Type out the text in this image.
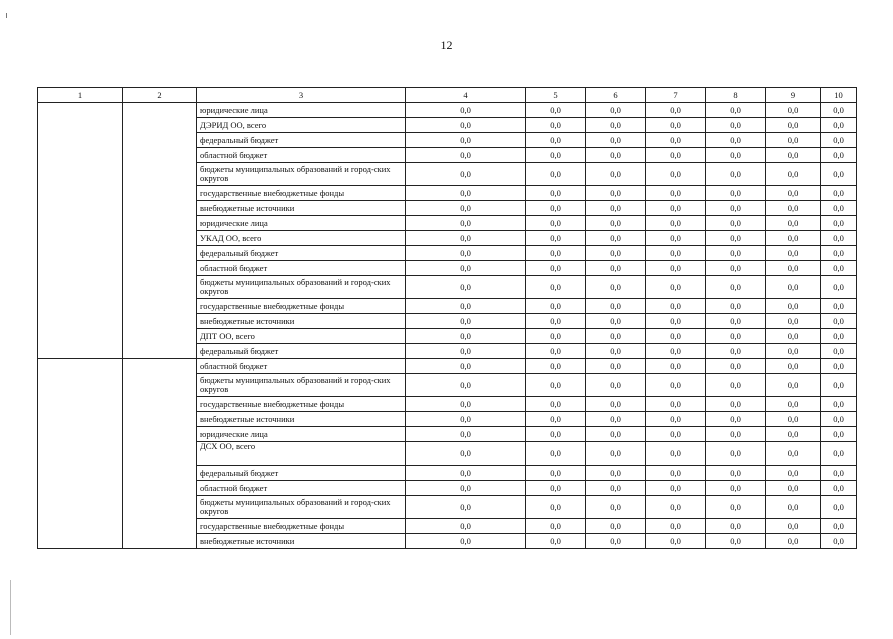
12
1	2	3	4	5	6	7	8	9	10
		юридические лица	0,0	0,0	0,0	0,0	0,0	0,0	0,0
		ДЭРИД ОО, всего	0,0	0,0	0,0	0,0	0,0	0,0	0,0
		федеральный бюджет	0,0	0,0	0,0	0,0	0,0	0,0	0,0
		областной бюджет	0,0	0,0	0,0	0,0	0,0	0,0	0,0
		бюджеты муниципальных образований и город-ских округов	0,0	0,0	0,0	0,0	0,0	0,0	0,0
		государственные внебюджетные фонды	0,0	0,0	0,0	0,0	0,0	0,0	0,0
		внебюджетные источники	0,0	0,0	0,0	0,0	0,0	0,0	0,0
		юридические лица	0,0	0,0	0,0	0,0	0,0	0,0	0,0
		УКАД ОО, всего	0,0	0,0	0,0	0,0	0,0	0,0	0,0
		федеральный бюджет	0,0	0,0	0,0	0,0	0,0	0,0	0,0
		областной бюджет	0,0	0,0	0,0	0,0	0,0	0,0	0,0
		бюджеты муниципальных образований и город-ских округов	0,0	0,0	0,0	0,0	0,0	0,0	0,0
		государственные внебюджетные фонды	0,0	0,0	0,0	0,0	0,0	0,0	0,0
		внебюджетные источники	0,0	0,0	0,0	0,0	0,0	0,0	0,0
		ДПТ ОО, всего	0,0	0,0	0,0	0,0	0,0	0,0	0,0
		федеральный бюджет	0,0	0,0	0,0	0,0	0,0	0,0	0,0
		областной бюджет	0,0	0,0	0,0	0,0	0,0	0,0	0,0
		бюджеты муниципальных образований и город-ских округов	0,0	0,0	0,0	0,0	0,0	0,0	0,0
		государственные внебюджетные фонды	0,0	0,0	0,0	0,0	0,0	0,0	0,0
		внебюджетные источники	0,0	0,0	0,0	0,0	0,0	0,0	0,0
		юридические лица	0,0	0,0	0,0	0,0	0,0	0,0	0,0
		ДСХ ОО, всего	0,0	0,0	0,0	0,0	0,0	0,0	0,0
		федеральный бюджет	0,0	0,0	0,0	0,0	0,0	0,0	0,0
		областной бюджет	0,0	0,0	0,0	0,0	0,0	0,0	0,0
		бюджеты муниципальных образований и город-ских округов	0,0	0,0	0,0	0,0	0,0	0,0	0,0
		государственные внебюджетные фонды	0,0	0,0	0,0	0,0	0,0	0,0	0,0
		внебюджетные источники	0,0	0,0	0,0	0,0	0,0	0,0	0,0
